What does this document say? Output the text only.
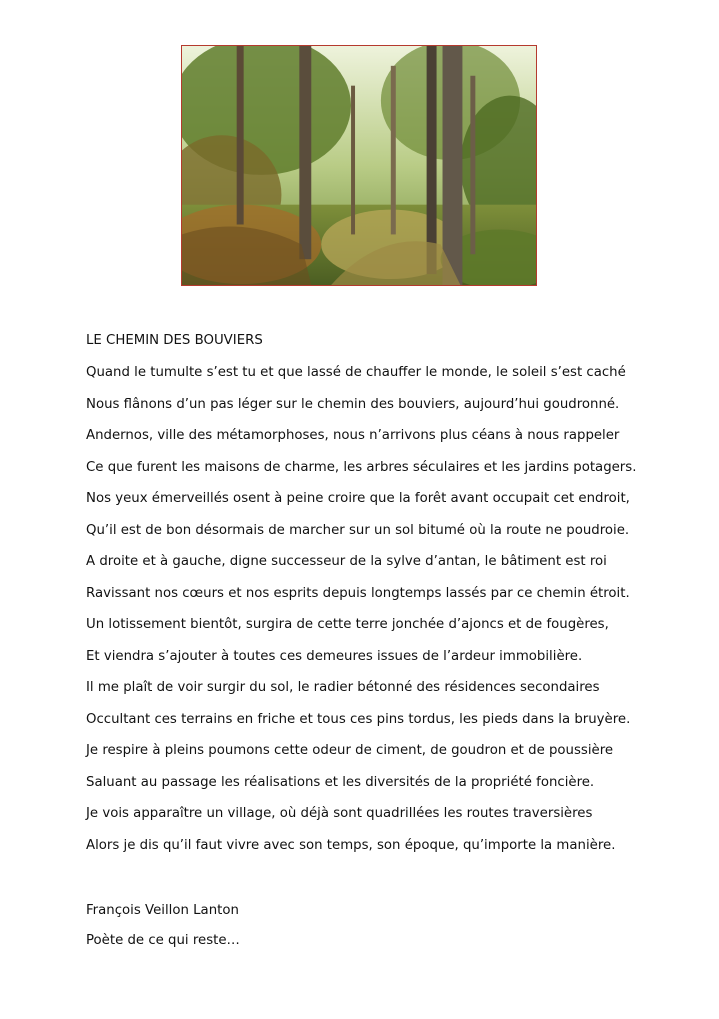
LE CHEMIN DES BOUVIERS
Quand le tumulte s’est tu et que lassé de chauffer le monde, le soleil s’est caché
Nous flânons d’un pas léger sur le chemin des bouviers, aujourd’hui goudronné.
Andernos, ville des métamorphoses, nous n’arrivons plus céans à nous rappeler
Ce que furent les maisons de charme, les arbres séculaires et les jardins potagers.
Nos yeux émerveillés osent à peine croire que la forêt avant occupait cet endroit,
Qu’il est de bon désormais de marcher sur un sol bitumé où la route ne poudroie.
A droite et à gauche, digne successeur de la sylve d’antan, le bâtiment est roi
Ravissant nos cœurs et nos esprits depuis longtemps lassés par ce chemin étroit.
Un lotissement bientôt, surgira de cette terre jonchée d’ajoncs et de fougères,
Et viendra s’ajouter à toutes ces demeures issues de l’ardeur immobilière.
Il me plaît de voir surgir du sol, le radier bétonné des résidences secondaires
Occultant ces terrains en friche et tous ces pins tordus, les pieds dans la bruyère.
Je respire à pleins poumons cette odeur de ciment, de goudron et de poussière
Saluant au passage les réalisations et les diversités de la propriété foncière.
Je vois apparaître un village, où déjà sont quadrillées les routes traversières
Alors je dis qu’il faut vivre avec son temps, son époque, qu’importe la manière.
François Veillon Lanton
Poète de ce qui reste…
